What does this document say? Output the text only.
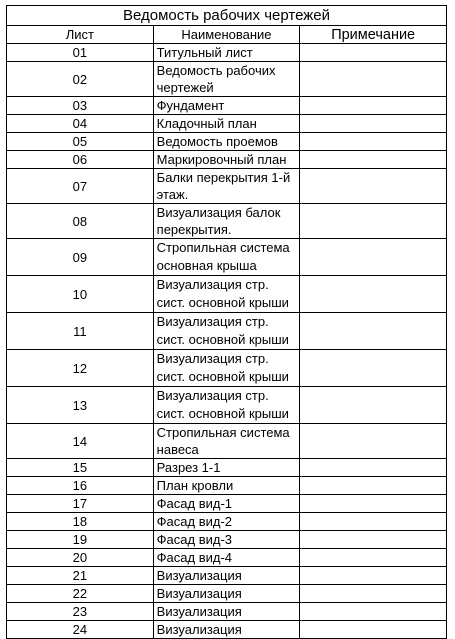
Ведомость рабочих чертежей		
Лист	Наименование	Примечание
01	Титульный лист	
02	Ведомость рабочих чертежей	
03	Фундамент	
04	Кладочный план	
05	Ведомость проемов	
06	Маркировочный план	
07	Балки перекрытия 1-й этаж.	
08	Визуализация балок перекрытия.	
09	Стропильная система основная крыша	
10	Визуализация стр. сист. основной крыши	
11	Визуализация стр. сист. основной крыши	
12	Визуализация стр. сист. основной крыши	
13	Визуализация стр. сист. основной крыши	
14	Стропильная система навеса	
15	Разрез 1-1	
16	План кровли	
17	Фасад вид-1	
18	Фасад вид-2	
19	Фасад вид-3	
20	Фасад вид-4	
21	Визуализация	
22	Визуализация	
23	Визуализация	
24	Визуализация	
